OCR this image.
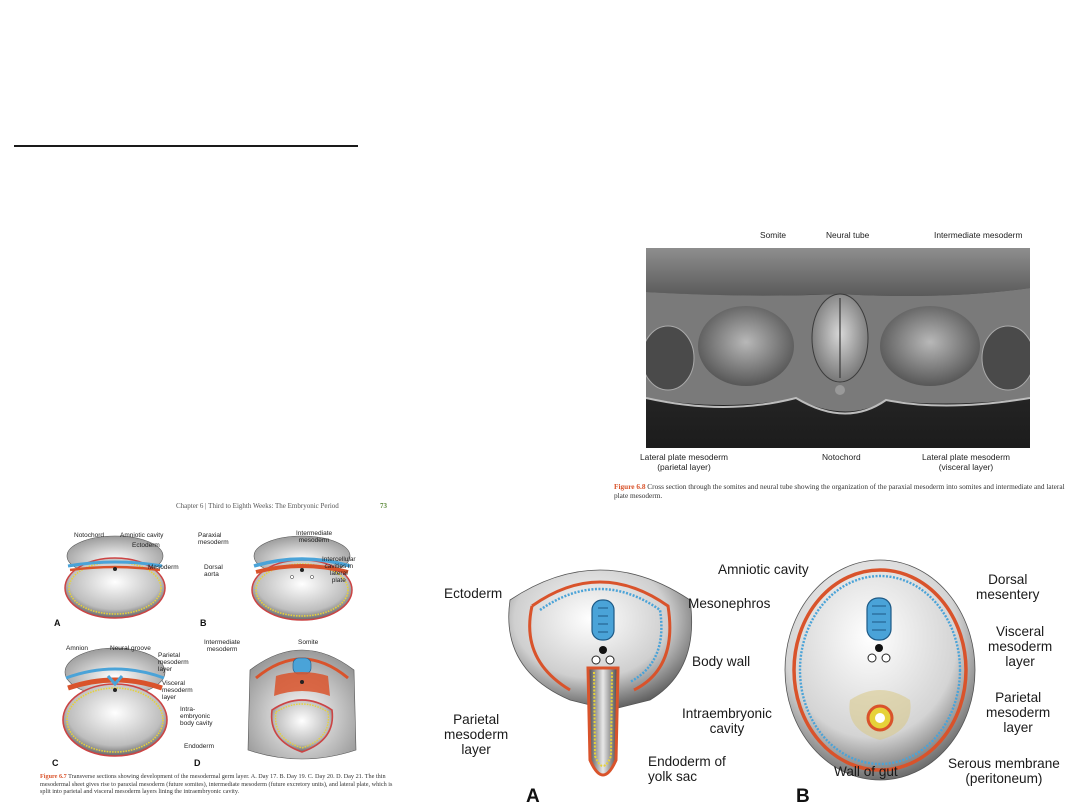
Chapter 6 | Third to Eighth Weeks: The Embryonic Period	73
Notochord Amniotic cavity
Ectoderm
Mesoderm
A
Paraxial
mesoderm
Intermediate
mesoderm
Intercellular
cavities in
lateral
plate
Dorsal
aorta
B
Amnion	Neural groove
Parietal
mesoderm
layer
Visceral
mesoderm
layer
Intra-
embryonic
body cavity
C
Intermediate
mesoderm
Somite
Endoderm
D
Figure 6.7 Transverse sections showing development of the mesodermal germ layer. A. Day 17. B. Day 19. C. Day 20. D. Day 21. The thin mesodermal sheet gives rise to paraxial mesoderm (future somites), intermediate mesoderm (future excretory units), and lateral plate, which is split into parietal and visceral mesoderm layers lining the intraembryonic cavity.
Somite	Neural tube	Intermediate mesoderm
Lateral plate mesoderm
(parietal layer)
Notochord	Lateral plate mesoderm
(visceral layer)
Figure 6.8 Cross section through the somites and neural tube showing the organization of the paraxial mesoderm into somites and intermediate and lateral plate mesoderm.
Ectoderm
Amniotic cavity
Dorsal
mesentery
Mesonephros
Body wall
Visceral
mesoderm
layer
Parietal
mesoderm
layer
Intraembryonic
cavity
Parietal
mesoderm
layer
Endoderm of
yolk sac	Wall of gut
Serous membrane
(peritoneum)
A	B
